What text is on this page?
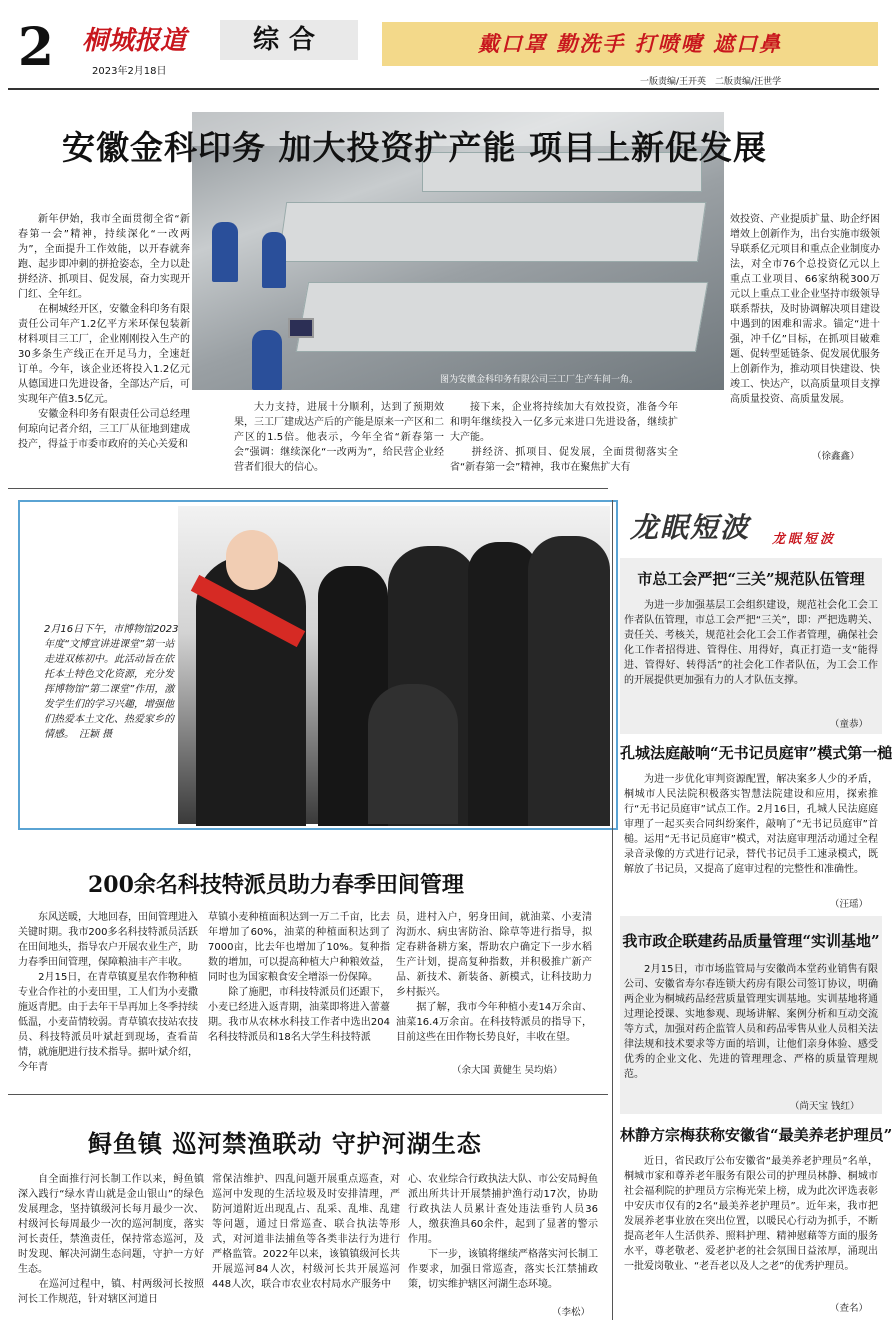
2	桐城报道
2023年2月18日
综合	戴口罩 勤洗手 打喷嚏 遮口鼻
一版责编/王开英　二版责编/汪世学
图为安徽金科印务有限公司三工厂生产车间一角。
安徽金科印务 加大投资扩产能 项目上新促发展
新年伊始，我市全面贯彻全省“新春第一会”精神，持续深化“一改两为”，全面提升工作效能，以开春就奔跑、起步即冲刺的拼抢姿态，全力以赴拼经济、抓项目、促发展，奋力实现开门红、全年红。
　　在桐城经开区，安徽金科印务有限责任公司年产1.2亿平方米环保包装新材料项目三工厂，企业刚刚投入生产的30多条生产线正在开足马力，全速赶订单。今年，该企业还将投入1.2亿元从德国进口先进设备，全部达产后，可实现年产值3.5亿元。
　　安徽金科印务有限责任公司总经理何琼向记者介绍，三工厂从征地到建成投产，得益于市委市政府的关心关爱和
大力支持，进展十分顺利，达到了预期效果，三工厂建成达产后的产能是原来一产区和二产区的1.5倍。他表示，今年全省“新春第一会”强调：继续深化“一改两为”，给民营企业经营者们很大的信心。
接下来，企业将持续加大有效投资，准备今年和明年继续投入一亿多元来进口先进设备，继续扩大产能。
　　拼经济、抓项目、促发展，全面贯彻落实全省“新春第一会”精神，我市在聚焦扩大有
效投资、产业提质扩量、助企纾困增效上创新作为，出台实施市级领导联系亿元项目和重点企业制度办法，对全市76个总投资亿元以上重点工业项目、66家纳税300万元以上重点工业企业坚持市级领导联系帮扶，及时协调解决项目建设中遇到的困难和需求。锚定“进十强，冲千亿”目标，在抓项目破难题、促转型延链条、促发展优服务上创新作为，推动项目快建设、快竣工、快达产，以高质量项目支撑高质量投资、高质量发展。
（徐鑫鑫）
2月16日下午，市博物馆2023年度“文博宣讲进课堂”第一站走进双栋初中。此活动旨在依托本土特色文化资源，充分发挥博物馆“第二课堂”作用，激发学生们的学习兴趣，增强他们热爱本土文化、热爱家乡的情感。　汪颖 摄
200余名科技特派员助力春季田间管理
东风送暖，大地回春，田间管理进入关键时期。我市200多名科技特派员活跃在田间地头，指导农户开展农业生产，助力春季田间管理，保障粮油丰产丰收。
　　2月15日，在青草镇夏星农作物种植专业合作社的小麦田里，工人们为小麦撒施返青肥。由于去年干旱再加上冬季持续低温，小麦苗情较弱。青草镇农技站农技员、科技特派员叶斌赶到现场，查看苗情，就施肥进行技术指导。据叶斌介绍，今年青
草镇小麦种植面积达到一万二千亩，比去年增加了60%，油菜的种植面积达到了7000亩，比去年也增加了10%。复种指数的增加，可以提高种植大户种粮效益，同时也为国家粮食安全增添一份保障。
　　除了施肥，市科技特派员们还跟下，小麦已经进入返青期，油菜即将进入蕾薹期。我市从农林水科技工作者中选出204名科技特派员和18名大学生科技特派
员，进村入户，躬身田间，就油菜、小麦清沟沥水、病虫害防治、除草等进行指导，拟定春耕备耕方案，帮助农户确定下一步水稻生产计划，提高复种指数，并积极推广新产品、新技术、新装备、新模式，让科技助力乡村振兴。
　　据了解，我市今年种植小麦14万余亩、油菜16.4万余亩。在科技特派员的指导下，目前这些在田作物长势良好，丰收在望。
（余大国 黄健生 吴均焰）
鲟鱼镇 巡河禁渔联动 守护河湖生态
自全面推行河长制工作以来，鲟鱼镇深入践行“绿水青山就是金山银山”的绿色发展理念，坚持镇级河长每月最少一次、村级河长每周最少一次的巡河制度，落实河长责任，禁渔责任，保持常态巡河，及时发现、解决河湖生态问题，守护一方好生态。
　　在巡河过程中，镇、村两级河长按照河长工作规范，针对辖区河道日
常保洁维护、四乱问题开展重点巡查，对巡河中发现的生活垃圾及时安排清理，严防河道附近出现乱占、乱采、乱堆、乱建等问题，通过日常巡查、联合执法等形式，对河道非法捕鱼等各类非法行为进行严格监管。2022年以来，该镇镇级河长共开展巡河84人次，村级河长共开展巡河448人次，联合市农业农村局水产服务中
心、农业综合行政执法大队、市公安局鲟鱼派出所共计开展禁捕护渔行动17次，协助行政执法人员累计查处违法垂钓人员36人，缴获渔具60余件，起到了显著的警示作用。
　　下一步，该镇将继续严格落实河长制工作要求，加强日常巡查，落实长江禁捕政策，切实维护辖区河湖生态环境。
（李松）
龙眠短波	龙眠短波
市总工会严把“三关”规范队伍管理
为进一步加强基层工会组织建设，规范社会化工会工作者队伍管理，市总工会严把“三关”，即：严把选聘关、责任关、考核关，规范社会化工会工作者管理，确保社会化工作者招得进、管得住、用得好，真正打造一支“能得进、管得好、转得活”的社会化工作者队伍，为工会工作的开展提供更加强有力的人才队伍支撑。
（童恭）
孔城法庭敲响“无书记员庭审”模式第一槌
为进一步优化审判资源配置，解决案多人少的矛盾，桐城市人民法院积极落实智慧法院建设和应用，探索推行“无书记员庭审”试点工作。2月16日，孔城人民法庭庭审理了一起买卖合同纠纷案件，敲响了“无书记员庭审”首槌。运用“无书记员庭审”模式，对法庭审理活动通过全程录音录像的方式进行记录，替代书记员手工速录模式，既解放了书记员，又提高了庭审过程的完整性和准确性。
（汪瑶）
我市政企联建药品质量管理“实训基地”
2月15日，市市场监管局与安徽尚本堂药业销售有限公司、安徽省寿尔春连锁大药房有限公司签订协议，明确两企业为桐城药品经营质量管理实训基地。实训基地将通过理论授课、实地参观、现场讲解、案例分析和互动交流等方式，加强对药企监管人员和药品零售从业人员相关法律法规和技术要求等方面的培训，让他们亲身体验、感受优秀的企业文化、先进的管理理念、严格的质量管理规范。
（尚天宝 钱红）
林静方宗梅获称安徽省“最美养老护理员”
近日，省民政厅公布安徽省“最美养老护理员”名单，桐城市家和尊养老年服务有限公司的护理员林静、桐城市社会福利院的护理员方宗梅光荣上榜，成为此次评选表彰中安庆市仅有的2名“最美养老护理员”。近年来，我市把发展养老事业放在突出位置，以暖民心行动为抓手，不断提高老年人生活供养、照料护理、精神慰藉等方面的服务水平，尊老敬老、爱老护老的社会氛围日益浓厚，涌现出一批爱岗敬业、“老吾老以及人之老”的优秀护理员。
（查名）
